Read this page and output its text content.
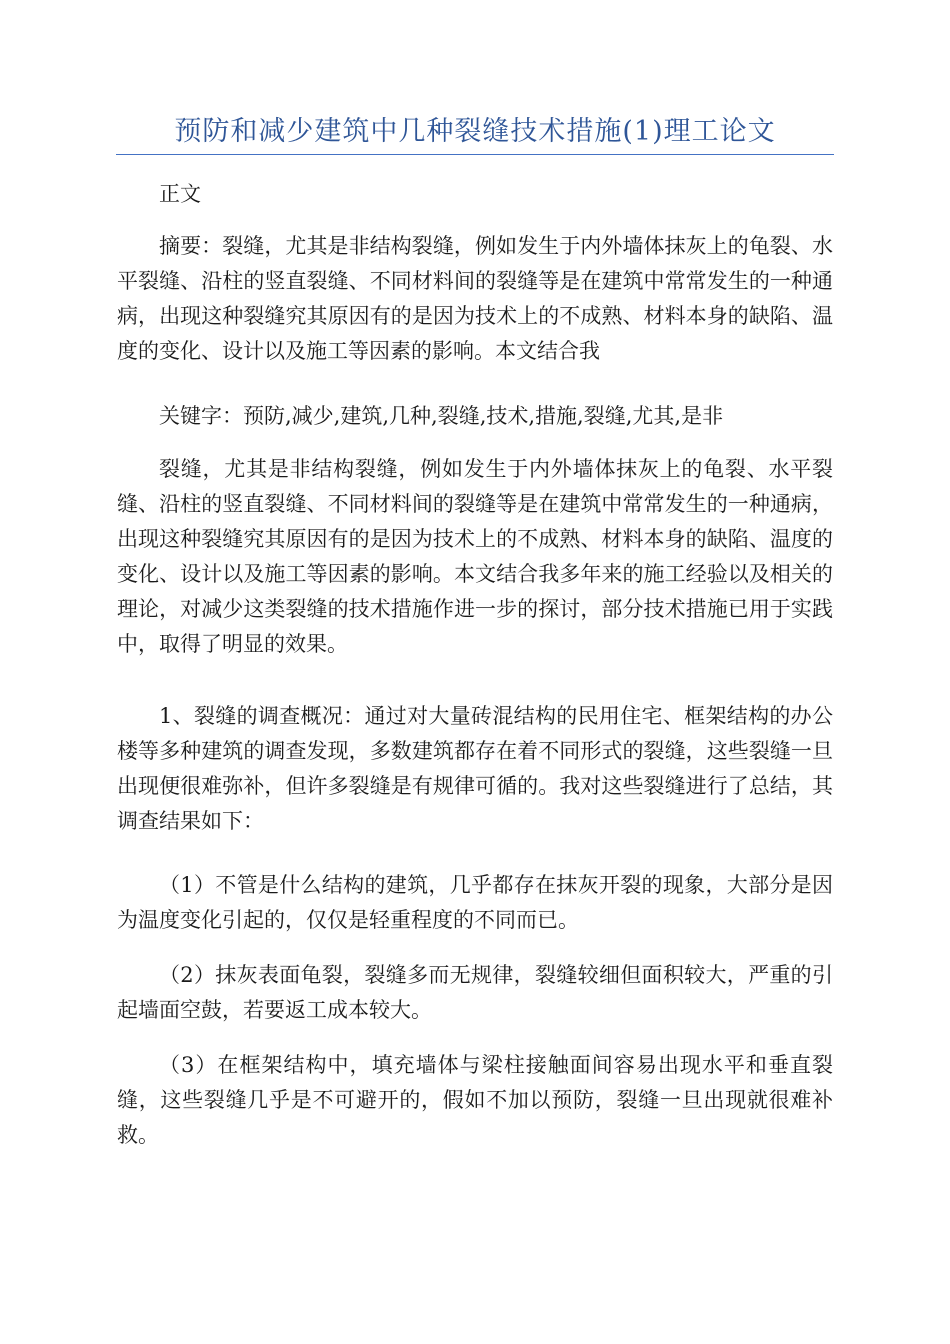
预防和减少建筑中几种裂缝技术措施(1)理工论文

正文

摘要：裂缝，尤其是非结构裂缝，例如发生于内外墙体抹灰上的龟裂、水平裂缝、沿柱的竖直裂缝、不同材料间的裂缝等是在建筑中常常发生的一种通病，出现这种裂缝究其原因有的是因为技术上的不成熟、材料本身的缺陷、温度的变化、设计以及施工等因素的影响。本文结合我

关键字：预防,减少,建筑,几种,裂缝,技术,措施,裂缝,尤其,是非

裂缝，尤其是非结构裂缝，例如发生于内外墙体抹灰上的龟裂、水平裂缝、沿柱的竖直裂缝、不同材料间的裂缝等是在建筑中常常发生的一种通病，出现这种裂缝究其原因有的是因为技术上的不成熟、材料本身的缺陷、温度的变化、设计以及施工等因素的影响。本文结合我多年来的施工经验以及相关的理论，对减少这类裂缝的技术措施作进一步的探讨，部分技术措施已用于实践中，取得了明显的效果。

1、裂缝的调查概况：通过对大量砖混结构的民用住宅、框架结构的办公楼等多种建筑的调查发现，多数建筑都存在着不同形式的裂缝，这些裂缝一旦出现便很难弥补，但许多裂缝是有规律可循的。我对这些裂缝进行了总结，其调查结果如下：

（1）不管是什么结构的建筑，几乎都存在抹灰开裂的现象，大部分是因为温度变化引起的，仅仅是轻重程度的不同而已。

（2）抹灰表面龟裂，裂缝多而无规律，裂缝较细但面积较大，严重的引起墙面空鼓，若要返工成本较大。

（3）在框架结构中，填充墙体与梁柱接触面间容易出现水平和垂直裂缝，这些裂缝几乎是不可避开的，假如不加以预防，裂缝一旦出现就很难补救。
